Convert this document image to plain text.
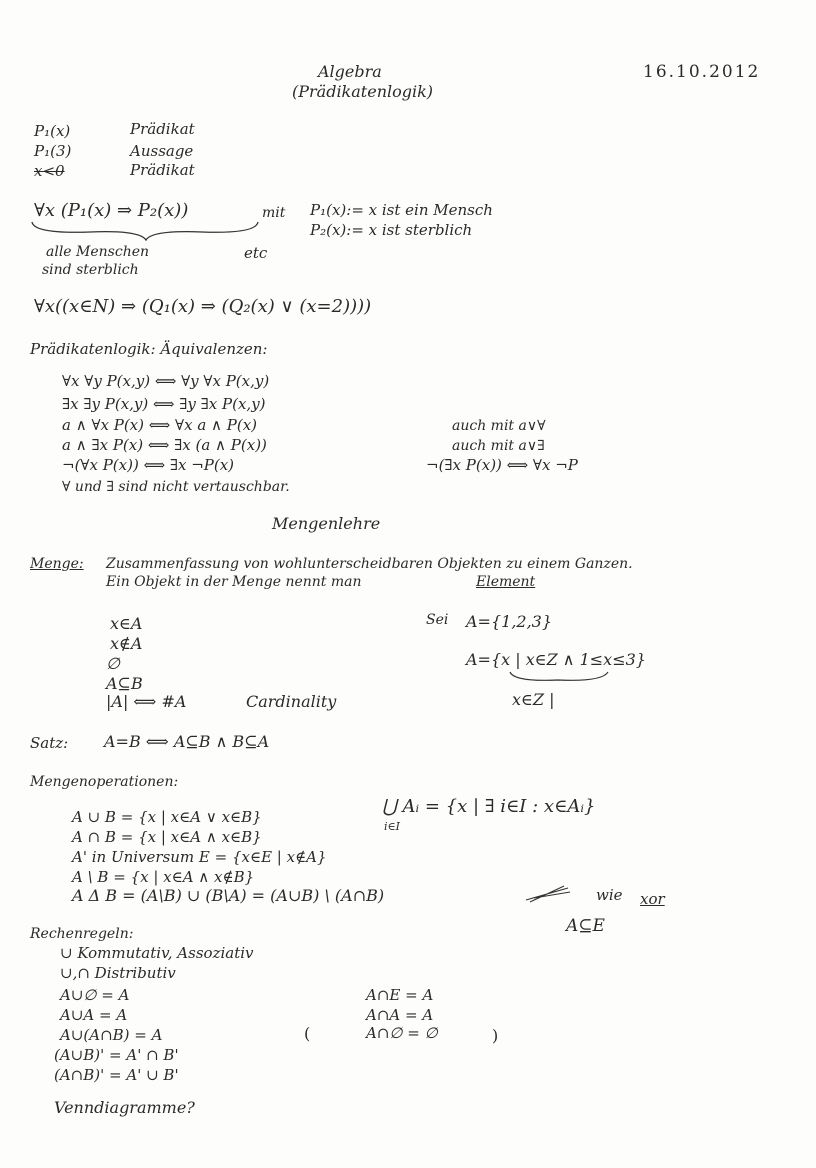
Algebra
(Prädikatenlogik)
16.10.2012
P₁(x)	Prädikat
P₁(3)	Aussage
x<0	Prädikat
∀x (P₁(x) ⇒ P₂(x))	mit P₁(x):= x ist ein Mensch
P₂(x):= x ist sterblich
alle Menschen
sind sterblich
etc
∀x((x∈N) ⇒ (Q₁(x) ⇒ (Q₂(x) ∨ (x=2))))
Prädikatenlogik: Äquivalenzen:
∀x ∀y P(x,y) ⟺ ∀y ∀x P(x,y)
∃x ∃y P(x,y) ⟺ ∃y ∃x P(x,y)
a ∧ ∀x P(x) ⟺ ∀x a ∧ P(x)
a ∧ ∃x P(x) ⟺ ∃x (a ∧ P(x))
¬(∀x P(x)) ⟺ ∃x ¬P(x)
∀ und ∃ sind nicht vertauschbar.
auch mit a∨∀
auch mit a∨∃
¬(∃x P(x)) ⟺ ∀x ¬P
Mengenlehre
Menge: Zusammenfassung von wohlunterscheidbaren Objekten zu einem Ganzen.
Ein Objekt in der Menge nennt man	Element
x∈A
x∉A
∅
A⊆B
|A| ⟺ #A	Cardinality
Sei A={1,2,3}
A={x | x∈Z ∧ 1≤x≤3}
x∈Z |
Satz: A=B ⟺ A⊆B ∧ B⊆A
Mengenoperationen:
A ∪ B = {x | x∈A ∨ x∈B}
A ∩ B = {x | x∈A ∧ x∈B}
A' in Universum E = {x∈E | x∉A}
A \ B = {x | x∈A ∧ x∉B}
A Δ B = (A\B) ∪ (B\A) = (A∪B) \ (A∩B)
⋃ Aᵢ = {x | ∃ i∈I : x∈Aᵢ}
i∈I
wie xor
A⊆E
Rechenregeln:
∪ Kommutativ, Assoziativ
∪,∩ Distributiv
A∪∅ = A
A∪A = A
A∪(A∩B) = A
(A∪B)' = A' ∩ B'
(A∩B)' = A' ∪ B'
A∩E = A
A∩A = A
A∩∅ = ∅
(	)
Venndiagramme?
